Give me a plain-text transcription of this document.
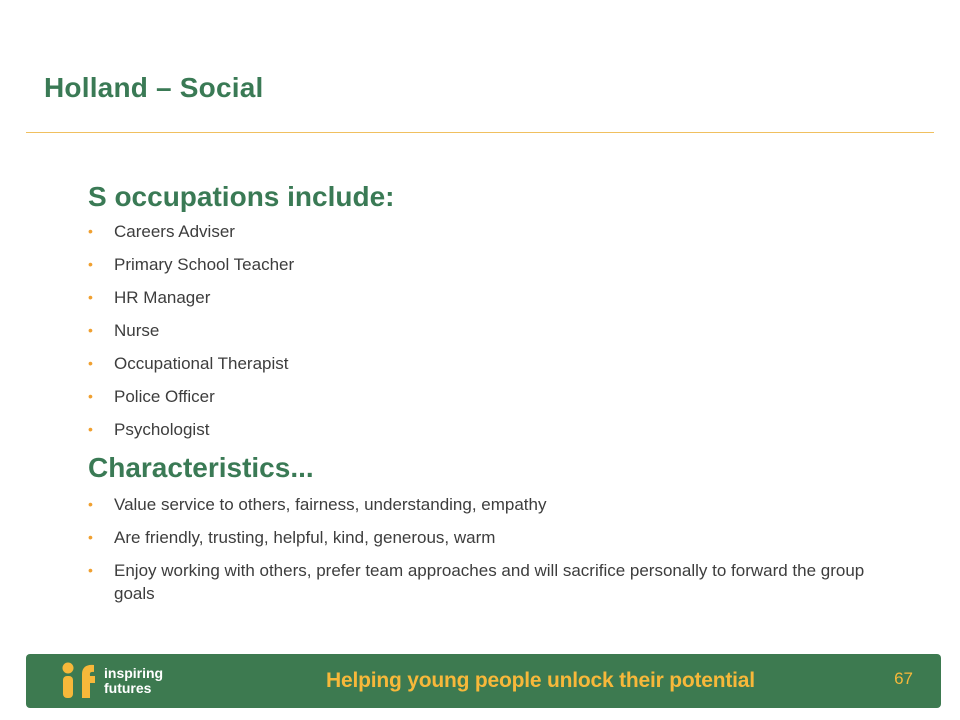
Holland – Social
S occupations include:
• Careers Adviser
• Primary School Teacher
• HR Manager
• Nurse
• Occupational Therapist
• Police Officer
• Psychologist
Characteristics...
• Value service to others, fairness, understanding, empathy
• Are friendly, trusting, helpful, kind, generous, warm
• Enjoy working with others, prefer team approaches and will sacrifice personally to forward the group goals
inspiring
futures	Helping young people unlock their potential	67
